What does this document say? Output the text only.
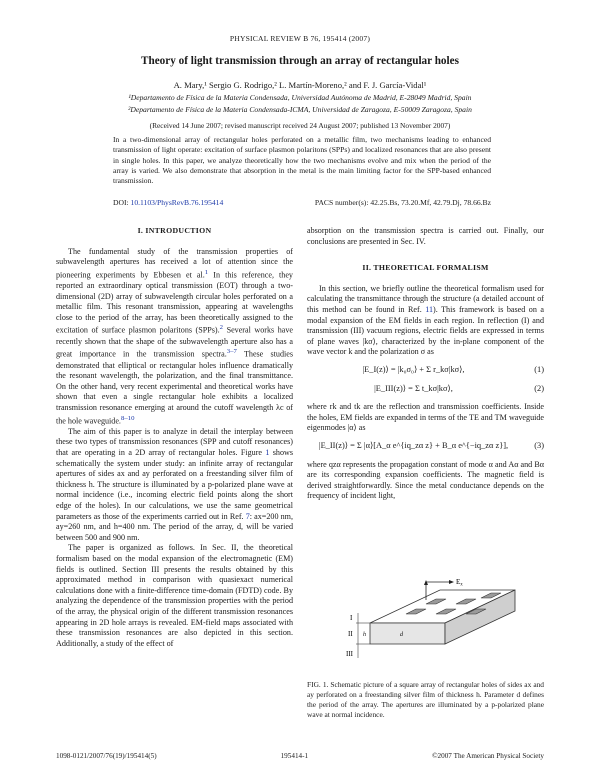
PHYSICAL REVIEW B 76, 195414 (2007)
Theory of light transmission through an array of rectangular holes
A. Mary,¹ Sergio G. Rodrigo,² L. Martín-Moreno,² and F. J. García-Vidal¹
¹Departamento de Física de la Materia Condensada, Universidad Autónoma de Madrid, E-28049 Madrid, Spain
²Departamento de Física de la Materia Condensada-ICMA, Universidad de Zaragoza, E-50009 Zaragoza, Spain
(Received 14 June 2007; revised manuscript received 24 August 2007; published 13 November 2007)
In a two-dimensional array of rectangular holes perforated on a metallic film, two mechanisms leading to enhanced transmission of light operate: excitation of surface plasmon polaritons (SPPs) and localized resonances that are also present in single holes. In this paper, we analyze theoretically how the two mechanisms evolve and mix when the period of the array is varied. We also demonstrate that absorption in the metal is the main limiting factor for the SPP-based enhanced transmission.
DOI: 10.1103/PhysRevB.76.195414	PACS number(s): 42.25.Bs, 73.20.Mf, 42.79.Dj, 78.66.Bz
I. INTRODUCTION

The fundamental study of the transmission properties of subwavelength apertures has received a lot of attention since the pioneering experiments by Ebbesen et al.$^1$ In this reference, they reported an extraordinary optical transmission (EOT) through a two-dimensional (2D) array of subwavelength circular holes perforated on a metallic film. This resonant transmission, appearing at wavelengths close to the period of the array, has been theoretically assigned to the excitation of surface plasmon polaritons (SPPs).$^2$ Several works have recently shown that the shape of the subwavelength aperture also has a great importance in the transmission spectra.$^{3-7}$ These studies demonstrated that elliptical or rectangular holes influence dramatically the resonant wavelength, the polarization, and the final transmittance. On the other hand, very recent experimental and theoretical works have shown that even a single rectangular hole exhibits a localized transmission resonance emerging at around the cutoff wavelength λc of the hole waveguide.$^{8-10}$

The aim of this paper is to analyze in detail the interplay between these two types of transmission resonances (SPP and cutoff resonances) that are operating in a 2D array of rectangular holes. Figure 1 shows schematically the system under study: an infinite array of rectangular apertures of sides ax and ay perforated on a freestanding silver film of thickness h. The structure is illuminated by a p-polarized plane wave at normal incidence (i.e., incoming electric field points along the short edge of the holes). In our calculations, we use the same geometrical parameters as those of the experiments carried out in Ref. 7: ax=200 nm, ay=260 nm, and h=400 nm. The period of the array, d, will be varied between 500 and 900 nm.

The paper is organized as follows. In Sec. II, the theoretical formalism based on the modal expansion of the electromagnetic (EM) fields is outlined. Section III presents the results obtained by this approximated method in comparison with quasiexact numerical calculations done with a finite-difference time-domain (FDTD) code. By analyzing the dependence of the transmission properties with the period of the array, the physical origin of the different transmission resonances appearing in 2D hole arrays is revealed. EM-field maps associated with these transmission resonances are also depicted in this section. Additionally, a study of the effect of

absorption on the transmission spectra is carried out. Finally, our conclusions are presented in Sec. IV.

II. THEORETICAL FORMALISM

In this section, we briefly outline the theoretical formalism used for calculating the transmittance through the structure (a detailed account of this method can be found in Ref. 11). This framework is based on a modal expansion of the EM fields in each region. In reflection (I) and transmission (III) vacuum regions, electric fields are expressed in terms of plane waves |kσ⟩, characterized by the in-plane component of the wave vector k and the polarization σ as

|E_I(z)⟩ = |k₀σ₀⟩ + Σ r_kσ|kσ⟩,	(1)
|E_III(z)⟩ = Σ t_kσ|kσ⟩,	(2)

where rk and tk are the reflection and transmission coefficients. Inside the holes, EM fields are expanded in terms of the TE and TM waveguide eigenmodes |α⟩ as

|E_II(z)⟩ = Σ |α⟩[A_α e^{iq_zα z} + B_α e^{−iq_zα z}],	(3)

where qzα represents the propagation constant of mode α and Aα and Bα are its corresponding expansion coefficients. The magnetic field is derived straightforwardly. Since the metal conductance depends on the frequency of incident light,

$E_x$
I
II
III
h	d
FIG. 1. Schematic picture of a square array of rectangular holes of sides ax and ay perforated on a freestanding silver film of thickness h. Parameter d defines the period of the array. The apertures are illuminated by a p-polarized plane wave at normal incidence.
1098-0121/2007/76(19)/195414(5)	195414-1	©2007 The American Physical Society
